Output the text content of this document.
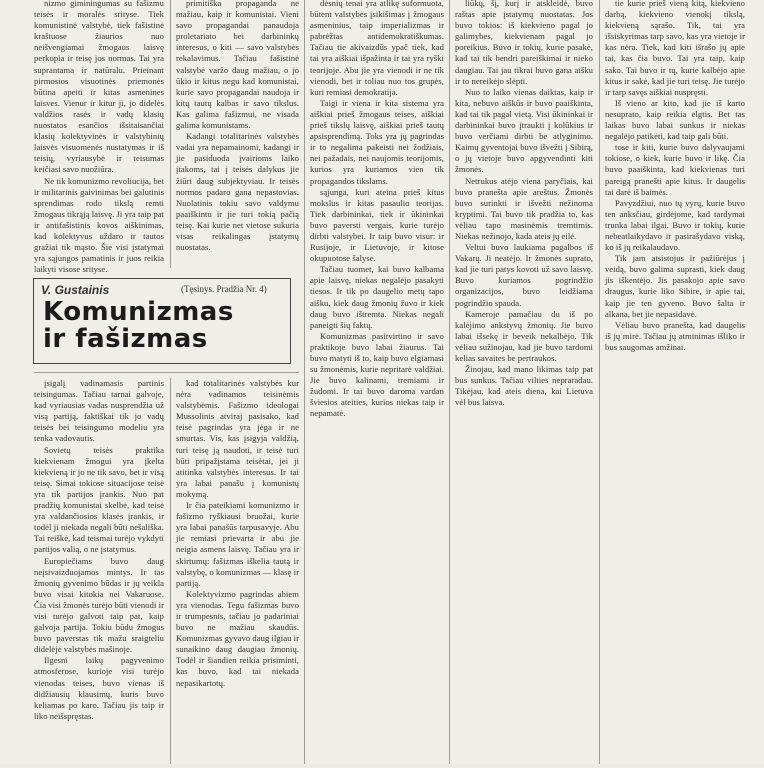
nizmo giminingumas su fašizmu teisės ir moralės srityse. Tiek komunistinė valstybė, tiek fašistinė kraštuose žiaurios nuo neišvengiamai žmogaus laisvę perkopia ir teisę jos normas. Tai yra suprantama ir natūralu. Prieinant pirmosios visuotinės priemonės būtina apeiti ir kitas asmenines laisves. Vienur ir kitur ji, jo didelės valdžios rasės ir vadų klasių nuostatos esančios išsitaisančiai klasių kolektyvinės ir valstybinių laisvės visuomenės nustatymas ir iš teisių, vyriausybė ir teisumas keičiasi savo nuožiūra.

Ne tik komunizmo revoliucija, bet ir militarinis gaivinimas bei galutinis sprendimas rodo tikslą remti žmogaus tikrąją laisvę. Ji yra taip pat ir antifašistinis kovos aiškinimas, kad kolektyvus uždaro ir tautos gražiai tik mąsto. Šie visi įstatymai yra sąjungos pamatinis ir juos reikia laikyti visose srityse.

primitiška propaganda ne mažiau, kaip ir komunistai. Vieni savo propagandai panaudoja proletariato bei darbininkų interesus, o kiti — savo valstybės rekalavimus. Tačiau fašistinė valstybė varžo daug mažiau, o jo ūkio ir kitus negu kad komunistai, kurie savo propagandai naudoja ir kitų tautų kalbas ir savo tikslus. Kas galima fašizmui, ne visada galima komunistams.

Kadangi totalitarinės valstybės vadai yra nepamainomi, kadangi ir jie pasiduoda įvairioms laiko įtakoms, tai į teisės dalykus jie žiūri daug subjektyviau. Ir teisės normos padaro gana nepastovias. Nuolatinis tokiu savo valdymu paaiškintu ir jie turi tokią pačią teisę. Kai kurie net vietose sukuria visas reikalingas įstatymų nuostatas.

V. Gustainis	(Tęsinys. Pradžia Nr. 4)
Komunizmas
ir fašizmas

įsigalį vadinamasis partinis teisingumas. Tačiau tarnai galvoje, kad vyriausias vadas nusprendžia už visą partiją, faktiškai tik jo vadų teisės bei teisingumo modeliu yra tenka vadovautis.

Sovietų teisės praktika kiekvienam žmogui yra įkelta kiekvieną ir jo ne tik savo, bet ir visą teisę. Simai tokiose situacijose teisė yra tik partijos įrankis. Nuo pat pradžių komunistai skelbė, kad teisė yra valdančiosios klasės įrankis, ir todėl ji niekada negali būti nešališka. Tai reiškė, kad teismai turėjo vykdyti partijos valią, o ne įstatymus.

Europiečiams buvo daug neįsivaizduojamos mintys. Ir tas žmonių gyvenimo būdas ir jų veikla buvo visai kitokia nei Vakaruose. Čia visi žmonės turėjo būti vienodi ir visi turėjo galvoti taip pat, kaip galvoja partija. Tokiu būdu žmogus buvo paverstas tik mažu sraigteliu didelėje valstybės mašinoje.

Ilgesni laikų pagyvenimo atmosferose, kurioje visi turėjo vienodas teises, buvo vienas iš didžiausių klausimų, kuris buvo keliamas po karo. Tačiau jis taip ir liko neišspręstas.

kad totalitarinės valstybės kur nėra vadinamos teisinėmis valstybėmis. Fašizmo ideologai Mussolinis atviraj pasisako, kad teisė pagrindas yra jėga ir ne smurtas. Vis, kas įsigyja valdžią, turi teisę ją naudoti, ir teisė turi būti pripažįstama teisėtai, jei ji atitinka valstybės interesus. Ir tai yra labai panašu į komunistų mokymą.

Ir čia pateikiami komunizmo ir fašizmo ryškiausi bruožai, kurie yra labai panašūs tarpusavyje. Abu jie remiasi prievarta ir abu jie neigia asmens laisvę. Tačiau yra ir skirtumų: fašizmas iškelia tautą ir valstybę, o komunizmas — klasę ir partiją.

Kolektyvizmo pagrindas abiem yra vienodas. Tegu fašizmas buvo ir trumpesnis, tačiau jo padariniai buvo ne mažiau skaudūs. Komunizmas gyvavo daug ilgiau ir sunaikino daug daugiau žmonių. Todėl ir šiandien reikia prisiminti, kas buvo, kad tai niekada nepasikartotų.

dėsnių tenai yra atlikę suformuota, būtent valstybės įsikišimas į žmogaus asmeninius, taip imperializmas ir pabrėžtas antidemokratiškumas. Tačiau tie akivaizdūs ypač tiek, kad tai yra aiškiai išpažinta ir tai yra ryški teorijoje. Abu jie yra vienodi ir ne tik vienodi, bet ir toliau nuo tos grupės, kuri remiasi demokratija.

Taigi ir viena ir kita sistema yra aiškiai prieš žmogaus teises, aiškiai prieš tikslų laisvę, aiškiai prieš tautų apsisprendimą. Toks yra jų pagrindas ir to negalima pakeisti nei žodžiais, nei pažadais, nei naujomis teorijomis, kurios yra kuriamos vien tik propagandos tikslams.

sąjunga, kuri ateina prieš kitus mokslus ir kitas pasaulio teorijas. Tiek darbininkai, tiek ir ūkininkai buvo paversti vergais, kurie turėjo dirbti valstybei. Ir taip buvo visur: ir Rusijoje, ir Lietuvoje, ir kitose okupuotose šalyse.

Tačiau tuomet, kai buvo kalbama apie laisvę, niekas negalėjo pasakyti tiesos. Ir tik po daugelio metų tapo aišku, kiek daug žmonių žuvo ir kiek daug buvo ištremta. Niekas negali paneigti šių faktų.

Komunizmas pasitvirtino ir savo praktikoje buvo labai žiaurus. Tai buvo matyti iš to, kaip buvo elgiamasi su žmonėmis, kurie nepritarė valdžiai. Jie buvo kalinami, tremiami ir žudomi. Ir tai buvo daroma vardan šviesios ateities, kurios niekas taip ir nepamatė.

liūkų, šį, kurį ir atskleidė, buvo raštas apie įstatymų nuostatas. Jos buvo tokios: iš kiekvieno pagal jo galimybes, kiekvienam pagal jo poreikius. Buvo ir tokių, kurie pasakė, kad tai tik bendri pareiškimai ir nieko daugiau. Tai jau tikrai buvo gana aišku ir to nereikėjo slėpti.

Nuo to laiko vienas daiktas, kaip ir kita, nebuvo aiškūs ir buvo paaiškinta, kad tai tik pagal vietą. Visi ūkininkai ir darbininkai buvo įtraukti į kolūkius ir buvo verčiami dirbti be atlyginimo. Kaimų gyventojai buvo išvežti į Sibirą, o jų vietoje buvo apgyvendinti kiti žmonės.

Netrukus atėjo viena paryčiais, kai buvo pranešta apie areštus. Žmonės buvo surinkti ir išvežti nežinoma kryptimi. Tai buvo tik pradžia to, kas vėliau tapo masinėmis tremtimis. Niekas nežinojo, kada ateis jų eilė.

Veltui buvo laukiama pagalbos iš Vakarų. Ji neatėjo. Ir žmonės suprato, kad jie turi patys kovoti už savo laisvę. Buvo kuriamos pogrindžio organizacijos, buvo leidžiama pogrindžio spauda.

Kameroje pamačiau du iš po kalėjimo ankstyvų žmonių. Jie buvo labai išsekę ir beveik nekalbėjo. Tik vėliau sužinojau, kad jie buvo tardomi kelias savaites be pertraukos.

Žinojau, kad mano likimas taip pat bus sunkus. Tačiau vilties nepraradau. Tikėjau, kad ateis diena, kai Lietuva vėl bus laisva.

tie kurie prieš vieną kitą, kiekvieno darbą, kiekvieno vienokį tikslą, kiekvieną sąrašo. Tik, tai yra išsiskyrimas tarp savo, kas yra vietoje ir kas nėra. Tiek, kad kiti išrašo jų apie tai, kas čia buvo. Tai yra taip, kaip sako. Tai buvo ir tų, kurie kalbėjo apie kitus ir sakė, kad jie turi teisę. Jie turėjo ir tarp savęs aiškiai nuspręsti.

Iš vieno ar kito, kad jie iš karto nesuprato, kaip reikia elgtis. Bet tas laikas buvo labai sunkus ir niekas negalėjo patikėti, kad taip gali būti.

tose ir kiti, kurie buvo dalyvaujami tokiose, o kiek, kurie buvo ir likę. Čia buvo paaiškinta, kad kiekvienas turi pareigą pranešti apie kitus. Ir daugelis tai darė iš baimės.

Pavyzdžiui, nuo tų vyrų, kurie buvo ten anksčiau, girdėjome, kad tardymai trunka labai ilgai. Buvo ir tokių, kurie nebeatlaikydavo ir pasirašydavo viską, ko iš jų reikalaudavo.

Tik jam atsistojus ir pažiūrėjus į veidą, buvo galima suprasti, kiek daug jis iškentėjo. Jis pasakojo apie savo draugus, kurie liko Sibire, ir apie tai, kaip jie ten gyveno. Buvo šalta ir alkana, bet jie nepasidavė.

Vėliau buvo pranešta, kad daugelis iš jų mirė. Tačiau jų atminimas išliko ir bus saugomas amžinai.
